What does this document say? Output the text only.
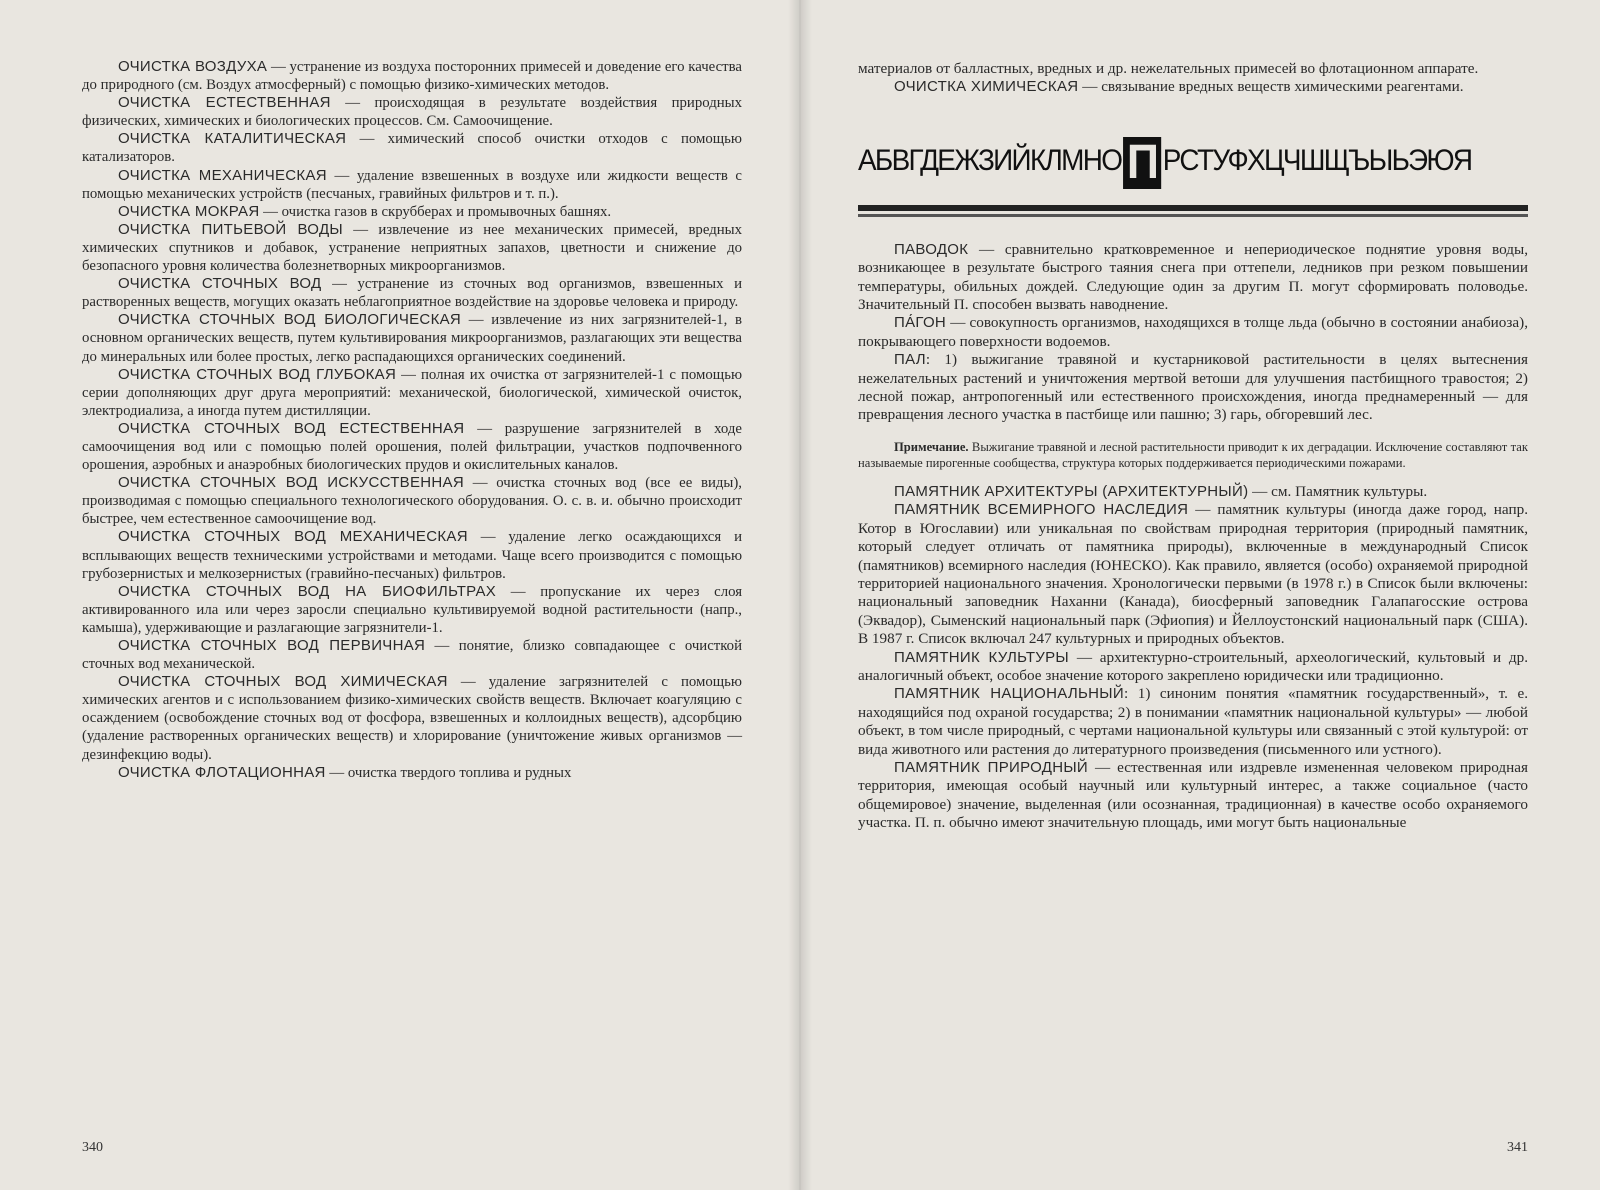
ОЧИСТКА ВОЗДУХА — устранение из воздуха посторонних примесей и доведение его качества до природного (см. Воздух атмосферный) с помощью физико-химических методов.

ОЧИСТКА ЕСТЕСТВЕННАЯ — происходящая в результате воздействия природных физических, химических и биологических процессов. См. Самоочищение.

ОЧИСТКА КАТАЛИТИЧЕСКАЯ — химический способ очистки отходов с помощью катализаторов.

ОЧИСТКА МЕХАНИЧЕСКАЯ — удаление взвешенных в воздухе или жидкости веществ с помощью механических устройств (песчаных, гравийных фильтров и т. п.).

ОЧИСТКА МОКРАЯ — очистка газов в скрубберах и промывочных башнях.

ОЧИСТКА ПИТЬЕВОЙ ВОДЫ — извлечение из нее механических примесей, вредных химических спутников и добавок, устранение неприятных запахов, цветности и снижение до безопасного уровня количества болезнетворных микроорганизмов.

ОЧИСТКА СТОЧНЫХ ВОД — устранение из сточных вод организмов, взвешенных и растворенных веществ, могущих оказать неблагоприятное воздействие на здоровье человека и природу.

ОЧИСТКА СТОЧНЫХ ВОД БИОЛОГИЧЕСКАЯ — извлечение из них загрязнителей-1, в основном органических веществ, путем культивирования микроорганизмов, разлагающих эти вещества до минеральных или более простых, легко распадающихся органических соединений.

ОЧИСТКА СТОЧНЫХ ВОД ГЛУБОКАЯ — полная их очистка от загрязнителей-1 с помощью серии дополняющих друг друга мероприятий: механической, биологической, химической очисток, электродиализа, а иногда путем дистилляции.

ОЧИСТКА СТОЧНЫХ ВОД ЕСТЕСТВЕННАЯ — разрушение загрязнителей в ходе самоочищения вод или с помощью полей орошения, полей фильтрации, участков подпочвенного орошения, аэробных и анаэробных биологических прудов и окислительных каналов.

ОЧИСТКА СТОЧНЫХ ВОД ИСКУССТВЕННАЯ — очистка сточных вод (все ее виды), производимая с помощью специального технологического оборудования. О. с. в. и. обычно происходит быстрее, чем естественное самоочищение вод.

ОЧИСТКА СТОЧНЫХ ВОД МЕХАНИЧЕСКАЯ — удаление легко осаждающихся и всплывающих веществ техническими устройствами и методами. Чаще всего производится с помощью грубозернистых и мелкозернистых (гравийно-песчаных) фильтров.

ОЧИСТКА СТОЧНЫХ ВОД НА БИОФИЛЬТРАХ — пропускание их через слоя активированного ила или через заросли специально культивируемой водной растительности (напр., камыша), удерживающие и разлагающие загрязнители-1.

ОЧИСТКА СТОЧНЫХ ВОД ПЕРВИЧНАЯ — понятие, близко совпадающее с очисткой сточных вод механической.

ОЧИСТКА СТОЧНЫХ ВОД ХИМИЧЕСКАЯ — удаление загрязнителей с помощью химических агентов и с использованием физико-химических свойств веществ. Включает коагуляцию с осаждением (освобождение сточных вод от фосфора, взвешенных и коллоидных веществ), адсорбцию (удаление растворенных органических веществ) и хлорирование (уничтожение живых организмов — дезинфекцию воды).

ОЧИСТКА ФЛОТАЦИОННАЯ — очистка твердого топлива и рудных

340

материалов от балластных, вредных и др. нежелательных примесей во флотационном аппарате.

ОЧИСТКА ХИМИЧЕСКАЯ — связывание вредных веществ химическими реагентами.

АБВГДЕЖЗИЙКЛМНО П РСТУФХЦЧШЩЪЫЬЭЮЯ

ПАВОДОК — сравнительно кратковременное и непериодическое поднятие уровня воды, возникающее в результате быстрого таяния снега при оттепели, ледников при резком повышении температуры, обильных дождей. Следующие один за другим П. могут сформировать половодье. Значительный П. способен вызвать наводнение.

ПА́ГОН — совокупность организмов, находящихся в толще льда (обычно в состоянии анабиоза), покрывающего поверхности водоемов.

ПАЛ: 1) выжигание травяной и кустарниковой растительности в целях вытеснения нежелательных растений и уничтожения мертвой ветоши для улучшения пастбищного травостоя; 2) лесной пожар, антропогенный или естественного происхождения, иногда преднамеренный — для превращения лесного участка в пастбище или пашню; 3) гарь, обгоревший лес.

Примечание. Выжигание травяной и лесной растительности приводит к их деградации. Исключение составляют так называемые пирогенные сообщества, структура которых поддерживается периодическими пожарами.

ПАМЯТНИК АРХИТЕКТУРЫ (АРХИТЕКТУРНЫЙ) — см. Памятник культуры.

ПАМЯТНИК ВСЕМИРНОГО НАСЛЕДИЯ — памятник культуры (иногда даже город, напр. Котор в Югославии) или уникальная по свойствам природная территория (природный памятник, который следует отличать от памятника природы), включенные в международный Список (памятников) всемирного наследия (ЮНЕСКО). Как правило, является (особо) охраняемой природной территорией национального значения. Хронологически первыми (в 1978 г.) в Список были включены: национальный заповедник Наханни (Канада), биосферный заповедник Галапагосские острова (Эквадор), Сыменский национальный парк (Эфиопия) и Йеллоустонский национальный парк (США). В 1987 г. Список включал 247 культурных и природных объектов.

ПАМЯТНИК КУЛЬТУРЫ — архитектурно-строительный, археологический, культовый и др. аналогичный объект, особое значение которого закреплено юридически или традиционно.

ПАМЯТНИК НАЦИОНАЛЬНЫЙ: 1) синоним понятия «памятник государственный», т. е. находящийся под охраной государства; 2) в понимании «памятник национальной культуры» — любой объект, в том числе природный, с чертами национальной культуры или связанный с этой культурой: от вида животного или растения до литературного произведения (письменного или устного).

ПАМЯТНИК ПРИРОДНЫЙ — естественная или издревле измененная человеком природная территория, имеющая особый научный или культурный интерес, а также социальное (часто общемировое) значение, выделенная (или осознанная, традиционная) в качестве особо охраняемого участка. П. п. обычно имеют значительную площадь, ими могут быть национальные

341
